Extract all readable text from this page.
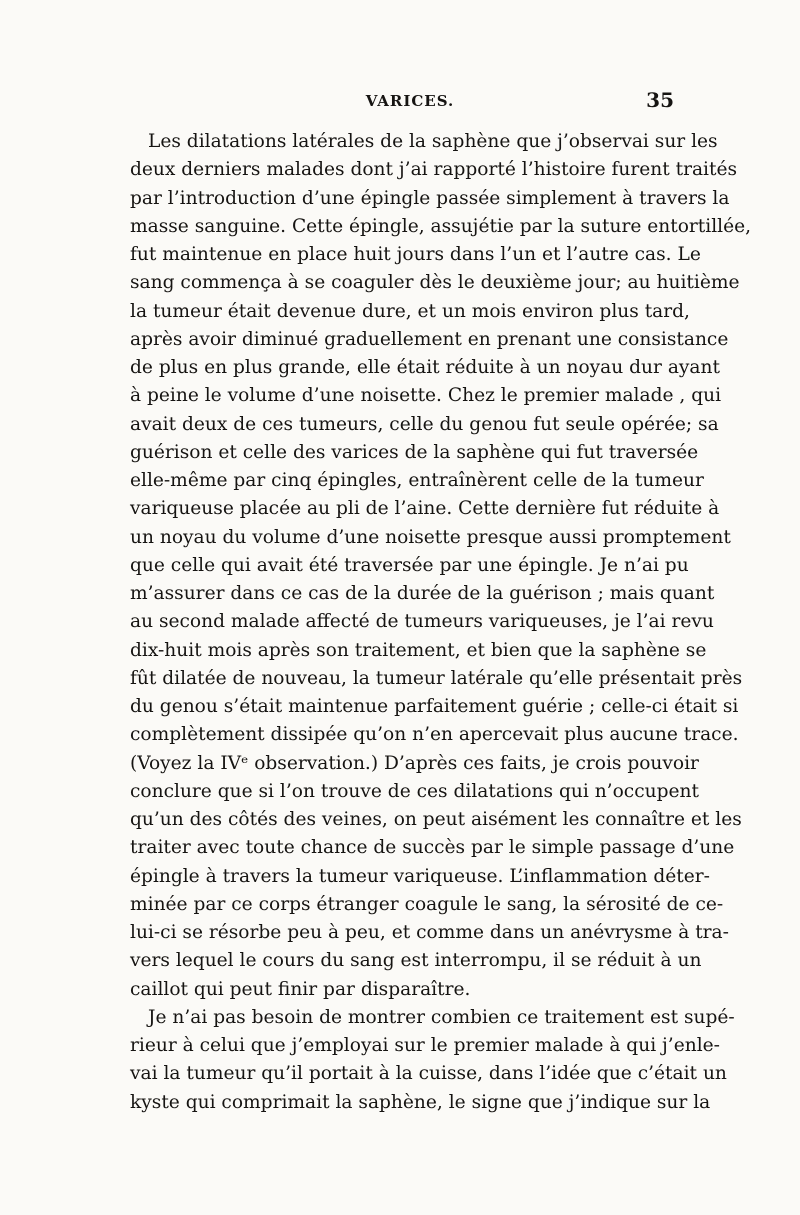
VARICES.	35
Les dilatations latérales de la saphène que j’observai sur les
deux derniers malades dont j’ai rapporté l’histoire furent traités
par l’introduction d’une épingle passée simplement à travers la
masse sanguine. Cette épingle, assujétie par la suture entortillée,
fut maintenue en place huit jours dans l’un et l’autre cas. Le
sang commença à se coaguler dès le deuxième jour; au huitième
la tumeur était devenue dure, et un mois environ plus tard,
après avoir diminué graduellement en prenant une consistance
de plus en plus grande, elle était réduite à un noyau dur ayant
à peine le volume d’une noisette. Chez le premier malade , qui
avait deux de ces tumeurs, celle du genou fut seule opérée; sa
guérison et celle des varices de la saphène qui fut traversée
elle-même par cinq épingles, entraînèrent celle de la tumeur
variqueuse placée au pli de l’aine. Cette dernière fut réduite à
un noyau du volume d’une noisette presque aussi promptement
que celle qui avait été traversée par une épingle. Je n’ai pu
m’assurer dans ce cas de la durée de la guérison ; mais quant
au second malade affecté de tumeurs variqueuses, je l’ai revu
dix-huit mois après son traitement, et bien que la saphène se
fût dilatée de nouveau, la tumeur latérale qu’elle présentait près
du genou s’était maintenue parfaitement guérie ; celle-ci était si
complètement dissipée qu’on n’en apercevait plus aucune trace.
(Voyez la IVᵉ observation.) D’après ces faits, je crois pouvoir
conclure que si l’on trouve de ces dilatations qui n’occupent
qu’un des côtés des veines, on peut aisément les connaître et les
traiter avec toute chance de succès par le simple passage d’une
épingle à travers la tumeur variqueuse. L’inflammation déter-
minée par ce corps étranger coagule le sang, la sérosité de ce-
lui-ci se résorbe peu à peu, et comme dans un anévrysme à tra-
vers lequel le cours du sang est interrompu, il se réduit à un
caillot qui peut finir par disparaître.
Je n’ai pas besoin de montrer combien ce traitement est supé-
rieur à celui que j’employai sur le premier malade à qui j’enle-
vai la tumeur qu’il portait à la cuisse, dans l’idée que c’était un
kyste qui comprimait la saphène, le signe que j’indique sur la
